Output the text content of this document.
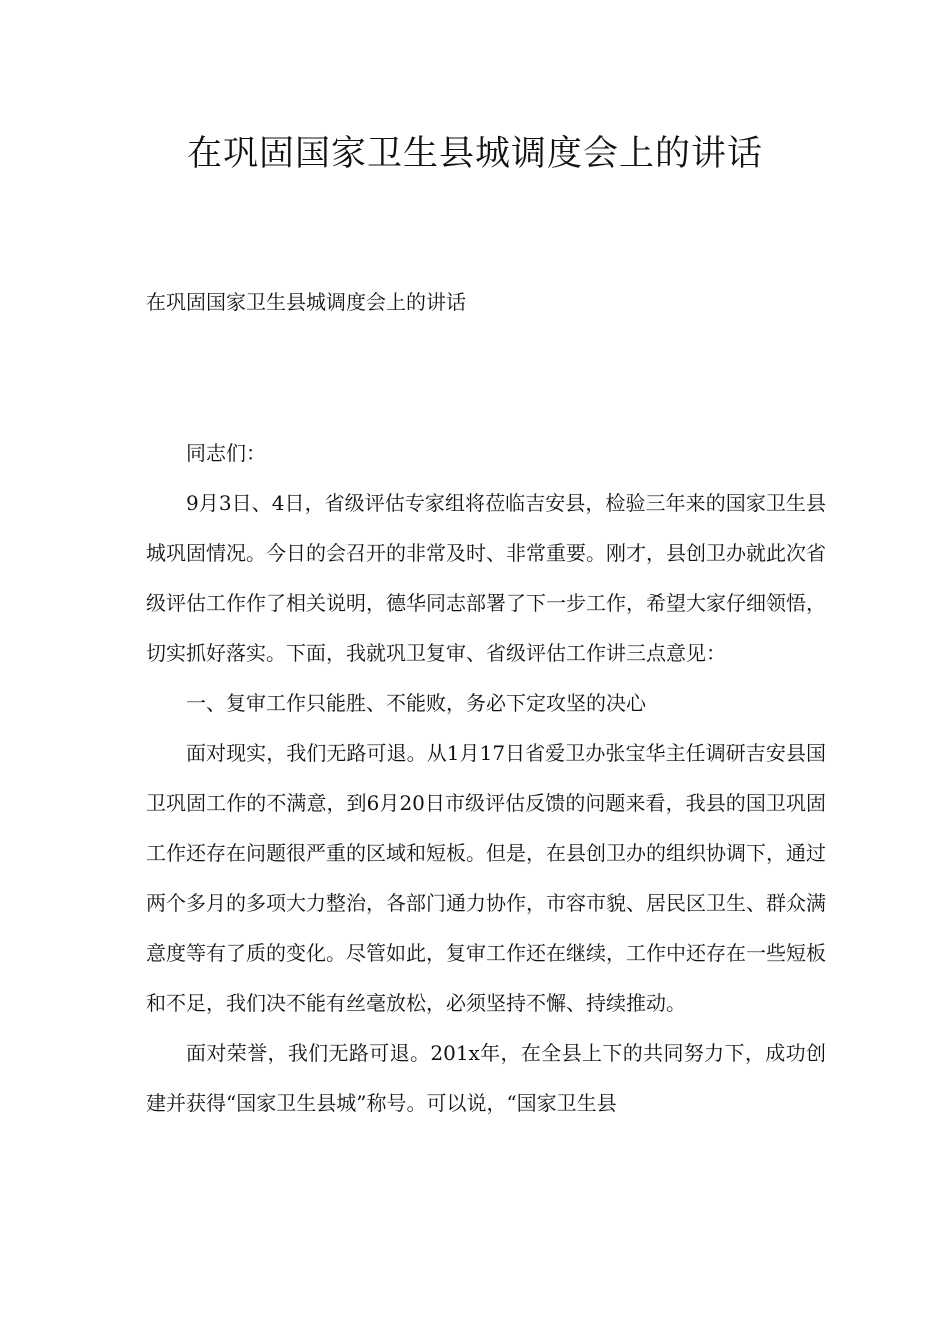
在巩固国家卫生县城调度会上的讲话
在巩固国家卫生县城调度会上的讲话

同志们：

9月3日、4日，省级评估专家组将莅临吉安县，检验三年来的国家卫生县城巩固情况。今日的会召开的非常及时、非常重要。刚才，县创卫办就此次省级评估工作作了相关说明，德华同志部署了下一步工作，希望大家仔细领悟，切实抓好落实。下面，我就巩卫复审、省级评估工作讲三点意见：

一、复审工作只能胜、不能败，务必下定攻坚的决心

面对现实，我们无路可退。从1月17日省爱卫办张宝华主任调研吉安县国卫巩固工作的不满意，到6月20日市级评估反馈的问题来看，我县的国卫巩固工作还存在问题很严重的区域和短板。但是，在县创卫办的组织协调下，通过两个多月的多项大力整治，各部门通力协作，市容市貌、居民区卫生、群众满意度等有了质的变化。尽管如此，复审工作还在继续，工作中还存在一些短板和不足，我们决不能有丝毫放松，必须坚持不懈、持续推动。

面对荣誉，我们无路可退。201x年，在全县上下的共同努力下，成功创建并获得“国家卫生县城”称号。可以说，“国家卫生县
